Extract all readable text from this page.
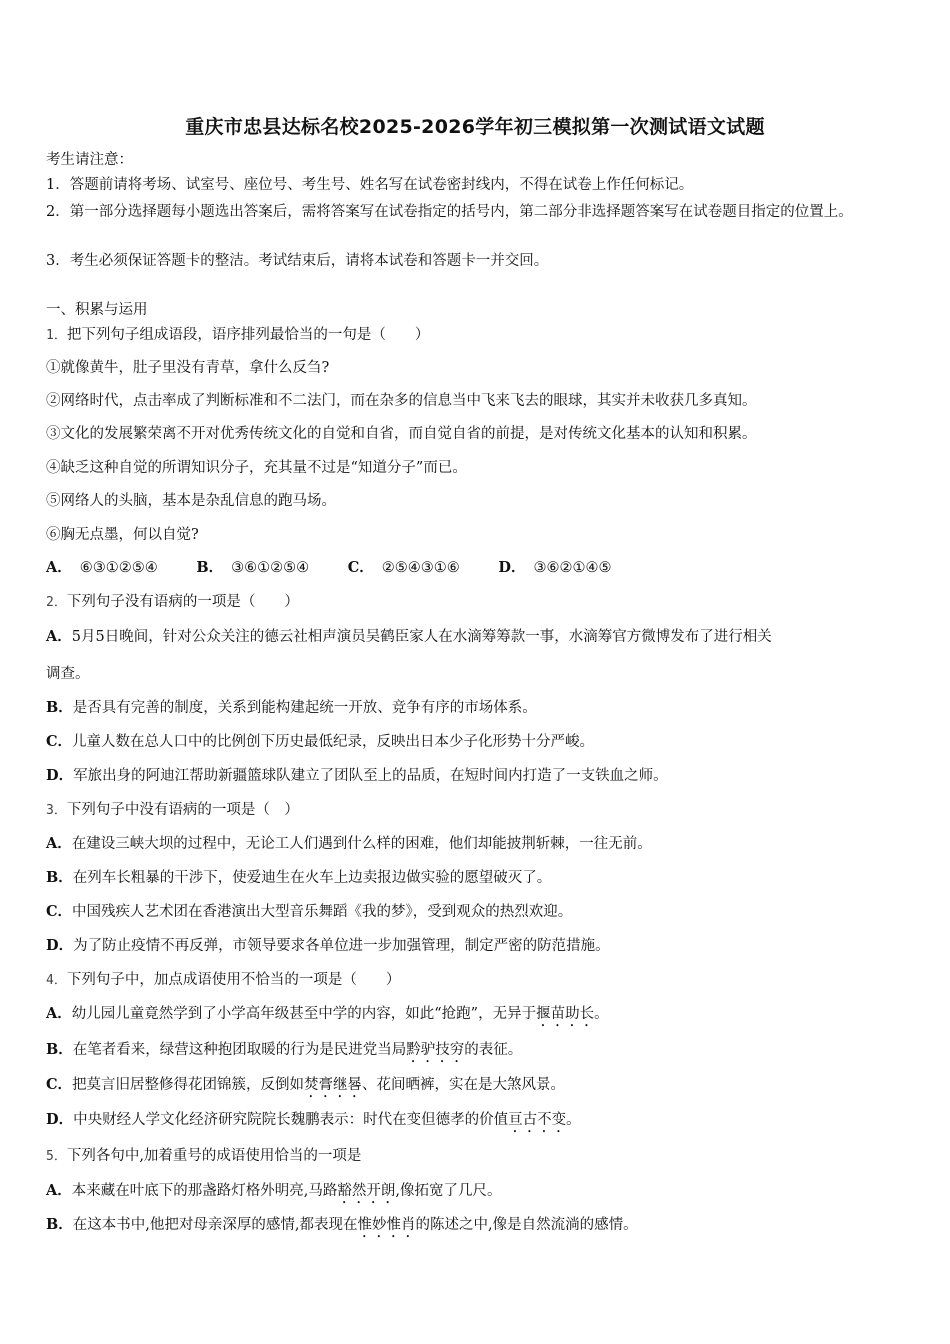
重庆市忠县达标名校2025-2026学年初三模拟第一次测试语文试题
考生请注意：
1．答题前请将考场、试室号、座位号、考生号、姓名写在试卷密封线内，不得在试卷上作任何标记。
2．第一部分选择题每小题选出答案后，需将答案写在试卷指定的括号内，第二部分非选择题答案写在试卷题目指定的位置上。
3．考生必须保证答题卡的整洁。考试结束后，请将本试卷和答题卡一并交回。
一、积累与运用
1．把下列句子组成语段，语序排列最恰当的一句是（　　）
①就像黄牛，肚子里没有青草，拿什么反刍?
②网络时代，点击率成了判断标准和不二法门，而在杂多的信息当中飞来飞去的眼球，其实并未收获几多真知。
③文化的发展繁荣离不开对优秀传统文化的自觉和自省，而自觉自省的前提，是对传统文化基本的认知和积累。
④缺乏这种自觉的所谓知识分子，充其量不过是“知道分子”而已。
⑤网络人的头脑，基本是杂乱信息的跑马场。
⑥胸无点墨，何以自觉?
A． ⑥③①②⑤④	B． ③⑥①②⑤④	C． ②⑤④③①⑥	D． ③⑥②①④⑤
2．下列句子没有语病的一项是（　　）
A．5月5日晚间，针对公众关注的德云社相声演员吴鹤臣家人在水滴筹筹款一事，水滴筹官方微博发布了进行相关
调查。
B．是否具有完善的制度，关系到能构建起统一开放、竞争有序的市场体系。
C．儿童人数在总人口中的比例创下历史最低纪录，反映出日本少子化形势十分严峻。
D．军旅出身的阿迪江帮助新疆篮球队建立了团队至上的品质，在短时间内打造了一支铁血之师。
3．下列句子中没有语病的一项是（　）
A．在建设三峡大坝的过程中，无论工人们遇到什么样的困难，他们却能披荆斩棘，一往无前。
B．在列车长粗暴的干涉下，使爱迪生在火车上边卖报边做实验的愿望破灭了。
C．中国残疾人艺术团在香港演出大型音乐舞蹈《我的梦》，受到观众的热烈欢迎。
D．为了防止疫情不再反弹，市领导要求各单位进一步加强管理，制定严密的防范措施。
4．下列句子中，加点成语使用不恰当的一项是（　　）
A．幼儿园儿童竟然学到了小学高年级甚至中学的内容，如此“抢跑”，无异于揠苗助长。
B．在笔者看来，绿营这种抱团取暖的行为是民进党当局黔驴技穷的表征。
C．把莫言旧居整修得花团锦簇，反倒如焚膏继晷、花间晒裤，实在是大煞风景。
D．中央财经人学文化经济研究院院长魏鹏表示：时代在变但德孝的价值亘古不变。
5．下列各句中,加着重号的成语使用恰当的一项是
A．本来藏在叶底下的那盏路灯格外明亮,马路豁然开朗,像拓宽了几尺。
B．在这本书中,他把对母亲深厚的感情,都表现在惟妙惟肖的陈述之中,像是自然流淌的感情。
